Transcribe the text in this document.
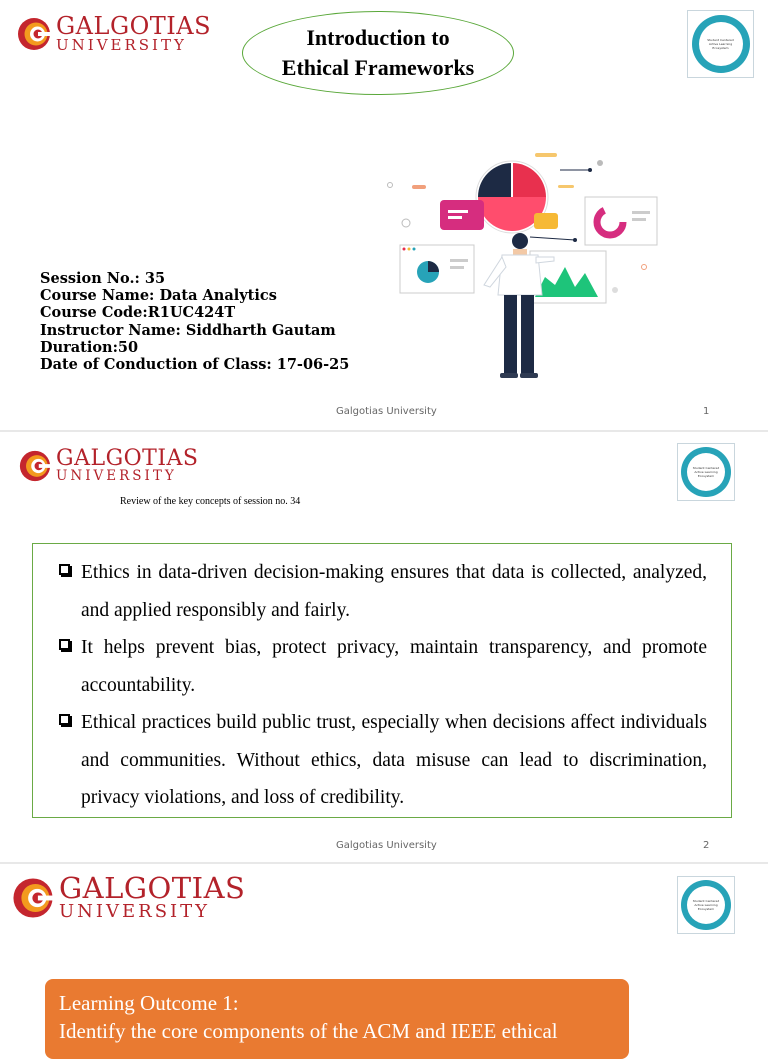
GALGOTIAS
UNIVERSITY	Introduction to
Ethical Frameworks
Student Centered
Active Learning
Ecosystem
Session No.: 35
Course Name: Data Analytics
Course Code:R1UC424T
Instructor Name: Siddharth Gautam
Duration:50
Date of Conduction of Class: 17-06-25
Galgotias University	1
GALGOTIAS
UNIVERSITY	Student Centered
Active Learning
Ecosystem
Review of the key concepts of session no. 34
Ethics in data-driven decision-making ensures that data is collected, analyzed, and applied responsibly and fairly.
It helps prevent bias, protect privacy, maintain transparency, and promote accountability.
Ethical practices build public trust, especially when decisions affect individuals and communities. Without ethics, data misuse can lead to discrimination, privacy violations, and loss of credibility.
Galgotias University	2
GALGOTIAS
UNIVERSITY	Student Centered
Active Learning
Ecosystem
Learning Outcome 1:
Identify the core components of the ACM and IEEE ethical
